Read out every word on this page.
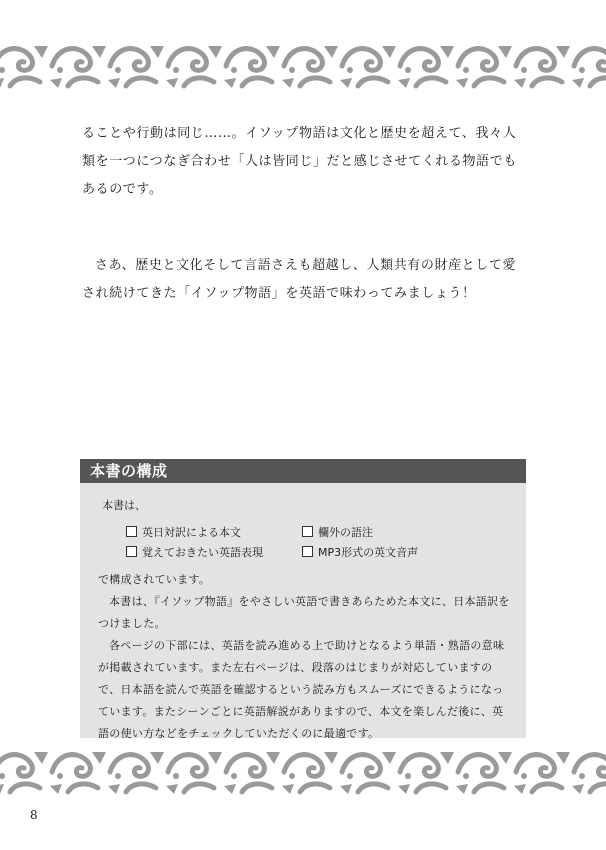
ることや行動は同じ……。イソップ物語は文化と歴史を超えて、我々人類を一つにつなぎ合わせ「人は皆同じ」だと感じさせてくれる物語でもあるのです。
さあ、歴史と文化そして言語さえも超越し、人類共有の財産として愛され続けてきた「イソップ物語」を英語で味わってみましょう！
本書の構成
本書は、
英日対訳による本文	欄外の語注
覚えておきたい英語表現	MP3形式の英文音声
で構成されています。
本書は、『イソップ物語』をやさしい英語で書きあらためた本文に、日本語訳をつけました。
各ページの下部には、英語を読み進める上で助けとなるよう単語・熟語の意味が掲載されています。また左右ページは、段落のはじまりが対応していますので、日本語を読んで英語を確認するという読み方もスムーズにできるようになっています。またシーンごとに英語解説がありますので、本文を楽しんだ後に、英語の使い方などをチェックしていただくのに最適です。
8
